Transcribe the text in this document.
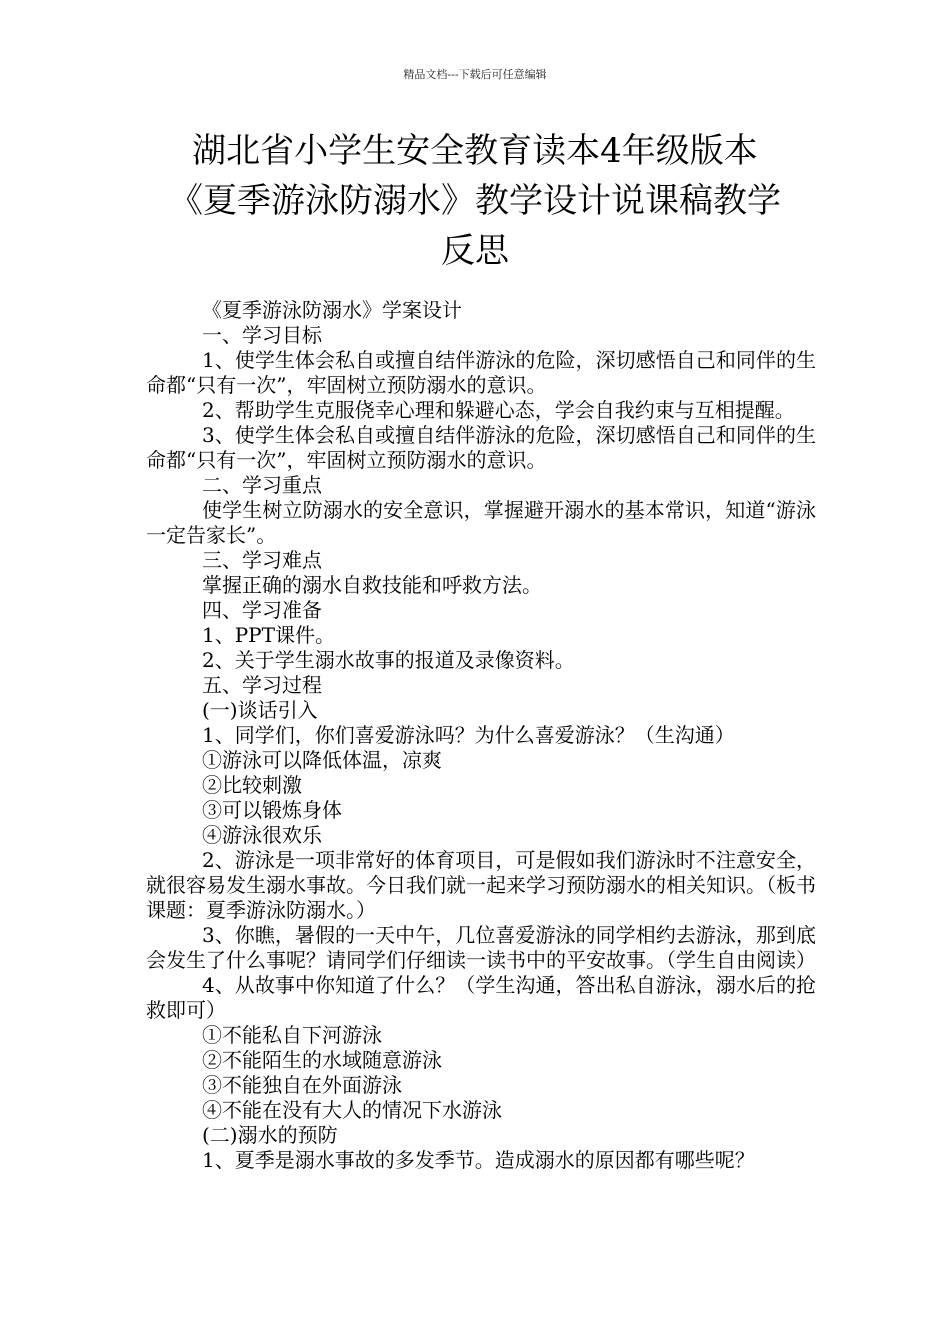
精品文档---下载后可任意编辑
湖北省小学生安全教育读本4年级版本
《夏季游泳防溺水》教学设计说课稿教学
反思

《夏季游泳防溺水》学案设计

一、学习目标

1、使学生体会私自或擅自结伴游泳的危险，深切感悟自己和同伴的生命都“只有一次”，牢固树立预防溺水的意识。

2、帮助学生克服侥幸心理和躲避心态，学会自我约束与互相提醒。

3、使学生体会私自或擅自结伴游泳的危险，深切感悟自己和同伴的生命都“只有一次”，牢固树立预防溺水的意识。

二、学习重点

使学生树立防溺水的安全意识，掌握避开溺水的基本常识，知道“游泳一定告家长”。

三、学习难点

掌握正确的溺水自救技能和呼救方法。

四、学习准备

1、PPT课件。

2、关于学生溺水故事的报道及录像资料。

五、学习过程

(一)谈话引入

1、同学们，你们喜爱游泳吗？为什么喜爱游泳？（生沟通）

①游泳可以降低体温，凉爽

②比较刺激

③可以锻炼身体

④游泳很欢乐

2、游泳是一项非常好的体育项目，可是假如我们游泳时不注意安全，就很容易发生溺水事故。今日我们就一起来学习预防溺水的相关知识。（板书课题：夏季游泳防溺水。）

3、你瞧，暑假的一天中午，几位喜爱游泳的同学相约去游泳，那到底会发生了什么事呢？请同学们仔细读一读书中的平安故事。（学生自由阅读）

4、从故事中你知道了什么？（学生沟通，答出私自游泳，溺水后的抢救即可）

①不能私自下河游泳

②不能陌生的水域随意游泳

③不能独自在外面游泳

④不能在没有大人的情况下水游泳

(二)溺水的预防

1、夏季是溺水事故的多发季节。造成溺水的原因都有哪些呢？
